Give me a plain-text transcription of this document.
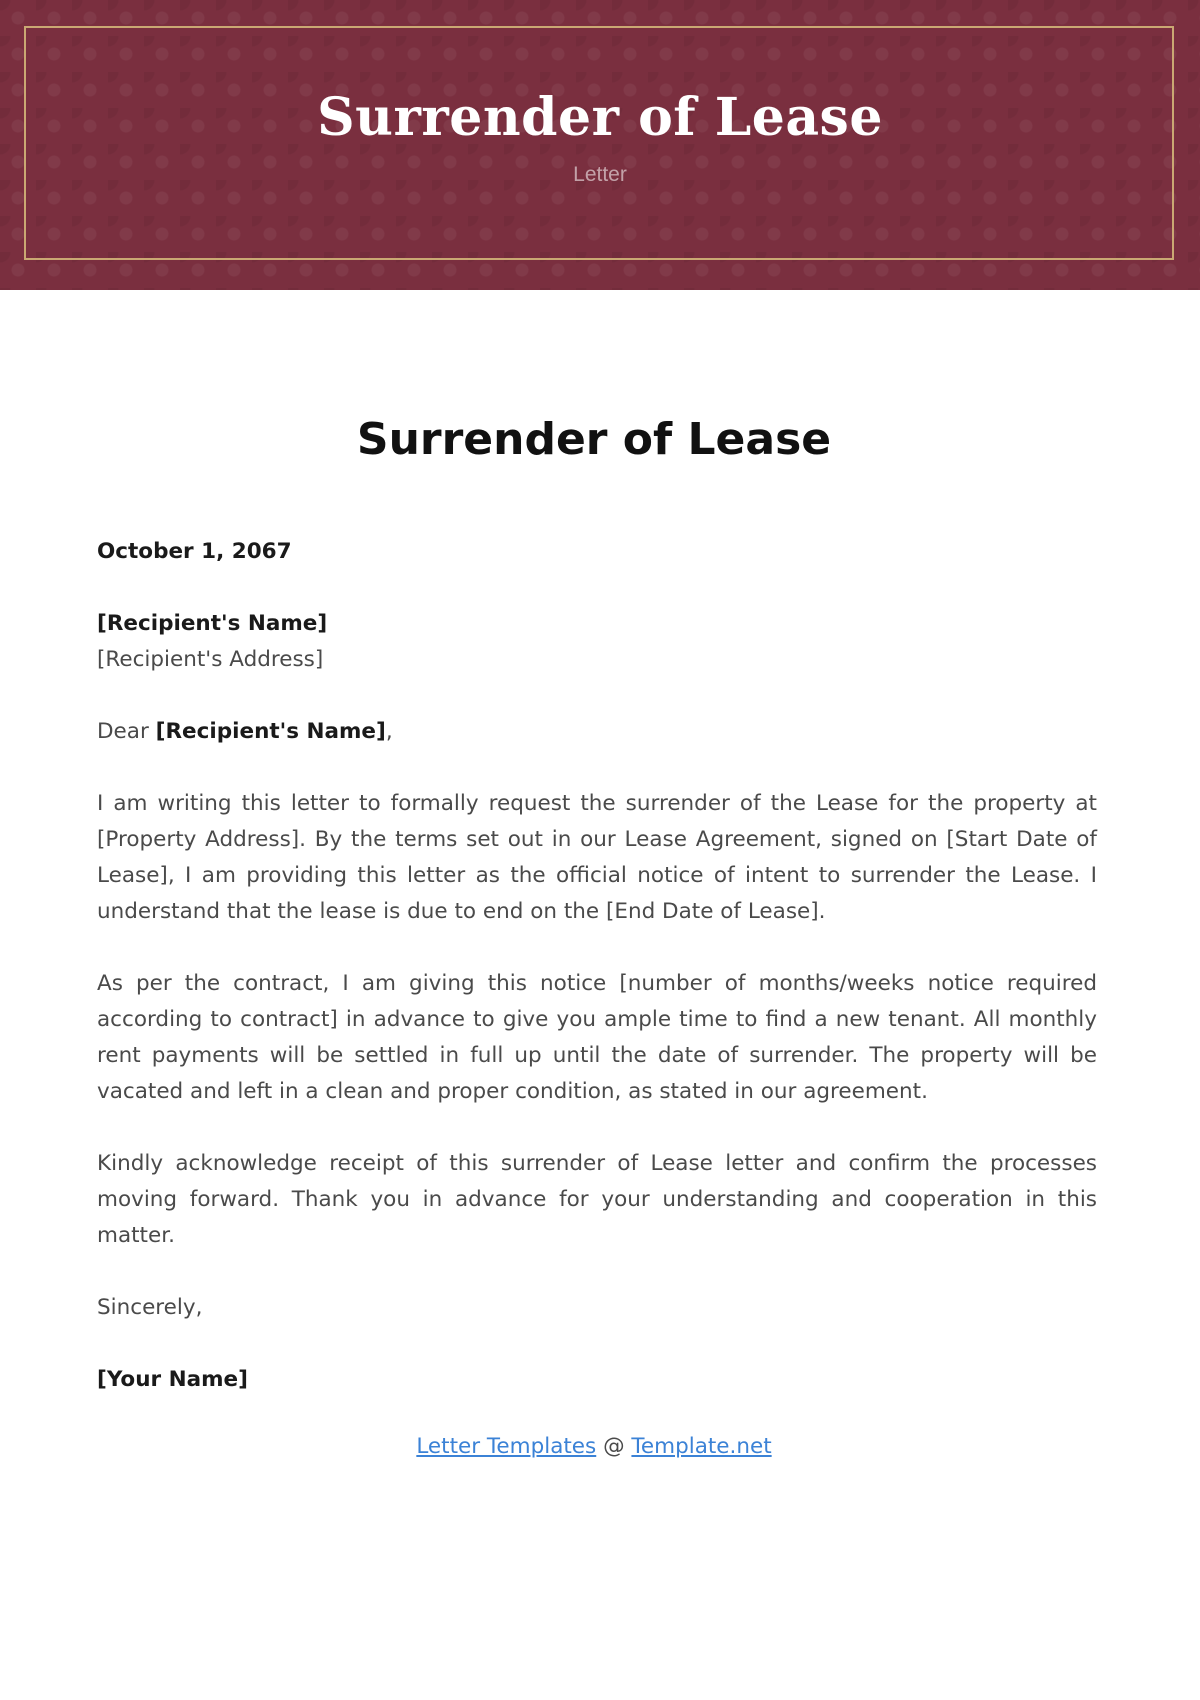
Surrender of Lease
Letter
Surrender of Lease

October 1, 2067

[Recipient's Name]
[Recipient's Address]

Dear [Recipient's Name],

I am writing this letter to formally request the surrender of the Lease for the property at [Property Address]. By the terms set out in our Lease Agreement, signed on [Start Date of Lease], I am providing this letter as the official notice of intent to surrender the Lease. I understand that the lease is due to end on the [End Date of Lease].

As per the contract, I am giving this notice [number of months/weeks notice required according to contract] in advance to give you ample time to find a new tenant. All monthly rent payments will be settled in full up until the date of surrender. The property will be vacated and left in a clean and proper condition, as stated in our agreement.

Kindly acknowledge receipt of this surrender of Lease letter and confirm the processes moving forward. Thank you in advance for your understanding and cooperation in this matter.

Sincerely,

[Your Name]

Letter Templates @ Template.net
